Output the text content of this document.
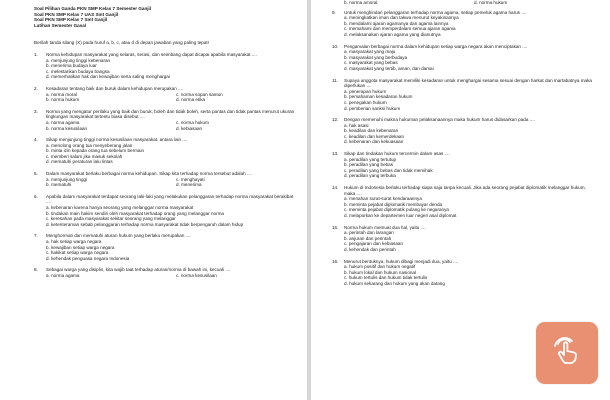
Soal Pilihan Ganda PKN SMP Kelas 7 Semester Ganjil
Soal PKN SMP Kelas 7 UAS Smt Ganjil
Soal PKN SMP Kelas 7 Smt Ganjil
Latihan Semester Gasal
Berilah tanda silang (X) pada huruf a, b, c, atau d di depan jawaban yang paling tepat!
1.	Norma kehidupan masyarakat yang selaras, serasi, dan seimbang dapat dicapai apabila masyarakat ....
a. menjunjung tinggi kebenaran
b. menerima budaya luar
c. melestarikan budaya bangsa
d. memerhatikan hak dan kewajiban serta saling menghargai
2.	Kesadaran tentang baik dan buruk dalam kehidupan merupakan ....
a. norma moral	c. norma sopan santun
b. norma hukum	d. norma etika
3.	Norma yang mengatur perilaku yang baik dan buruk, boleh dan tidak boleh, serta pantas dan tidak pantas menurut ukuran lingkungan masyarakat tertentu biasa disebut ....
a. norma agama	c. norma hukum
b. norma kesusilaan	d. kebiasaan
4.	Sikap menjunjung tinggi norma kesusilaan masyarakat, antara lain ....
a. menolong orang tua menyeberang jalan
b. minta izin kepada orang tua sebelum bermain
c. memberi salam jika masuk sekolah
d. mematuhi peraturan lalu lintas
5.	Dalam masyarakat berlaku berbagai norma kehidupan. Sikap kita terhadap norma tersebut adalah ....
a. menjunjung tinggi	c. menghayati
b. mematuhi	d. menerima
6.	Apabila dalam masyarakat terdapat seorang laki-laki yang melakukan pelanggaran terhadap norma masyarakat berakibat ....
a. kebenaran karena hanya seorang yang melanggar norma masyarakat
b. tindakan main hakim sendiri oleh masyarakat terhadap orang yang melanggar norma
c. keresahan pada masyarakat sekitar seorang yang melanggar
d. ketenteraman sebab pelanggaran terhadap norma masyarakat tidak berpengaruh dalam hidup
7.	Menghormati dan mematuhi aturan hukum yang berlaku merupakan ....
a. hak setiap warga negara
b. kewajiban setiap warga negara
c. hakikat setiap warga negara
d. kehendak penguasa negara Indonesia
8.	Sebagai warga yang disiplin, kita wajib taat terhadap aturan/norma di bawah ini, kecuali ....
a. norma agama	c. norma kesusilaan
b. norma amoral	d. norma hukum
9.	Untuk menghindari pelanggaran terhadap norma agama, setiap pemeluk agama harus ....
a. meningkatkan iman dan takwa menurut keyakinannya
b. mendalami ajaran agamanya dan agama lainnya
c. memahami dan memperdalam semua ajaran agama
d. melaksanakan ajaran agama yang dianutnya
10.	Pengamalan berbagai norma dalam kehidupan setiap warga negara akan menciptakan ....
a. masyarakat yang maju
b. masyarakat yang berbudaya
c. masyarakat yang bebas
d. masyarakat yang tertib, aman, dan damai
11.	Supaya anggota masyarakat memiliki kesadaran untuk menghargai sesama sesuai dengan harkat dan martabatnya maka diperlukan ....
a. penerapan hukum
b. pemahaman kesadaran hukum
c. penegakan hukum
d. pemberian sanksi hukum
12.	Dengan memenuhi makna hukuman pelaksanaannya maka hukum harus didasarkan pada ....
a. hak asasi
b. keadilan dan kebenaran
c. keadilan dan kemerdekaan
d. kebenaran dan kekuasaan
13.	Sikap dan tindakan hukum tercermin dalam asas ....
a. peradilan yang tertutup
b. peradilan yang bebas
c. peradilan yang bebas dan tidak memihak
d. peradilan yang terbuka
14.	Hukum di Indonesia berlaku terhadap siapa saja tanpa kecuali. Jika ada seorang pejabat diplomatik melanggar hukum, maka ....
a. menahan surat-surat kendaraannya
b. meminta pejabat diplomatik membayar denda
c. meminta pejabat diplomatik pulang ke negaranya
d. melaporkan ke departemen luar negeri asal diplomat
15.	Norma hukum memuat dua hal, yaitu ....
a. perintah dan larangan
b. anjuran dan perintah
c. pengajaran dan kebiasaan
d. kehendak dan perintah
16.	Menurut bentuknya, hukum dibagi menjadi dua, yaitu ....
a. hukum positif dan hukum negatif
b. hukum lokal dan hukum nasional
c. hukum tertulis dan hukum tidak tertulis
d. hukum sekarang dan hukum yang akan datang
